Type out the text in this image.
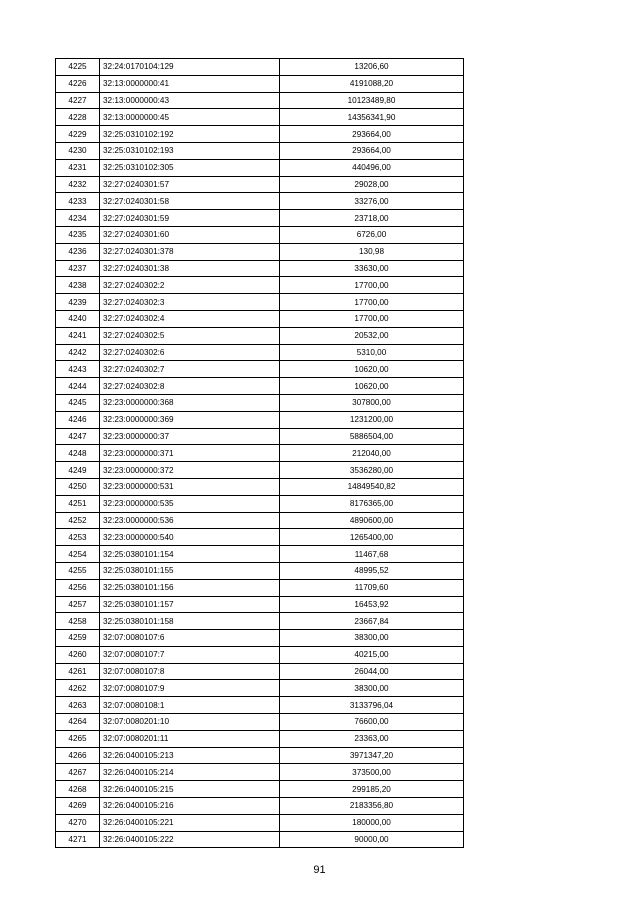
4225	32:24:0170104:129	13206,60
4226	32:13:0000000:41	4191088,20
4227	32:13:0000000:43	10123489,80
4228	32:13:0000000:45	14356341,90
4229	32:25:0310102:192	293664,00
4230	32:25:0310102:193	293664,00
4231	32:25:0310102:305	440496,00
4232	32:27:0240301:57	29028,00
4233	32:27:0240301:58	33276,00
4234	32:27:0240301:59	23718,00
4235	32:27:0240301:60	6726,00
4236	32:27:0240301:378	130,98
4237	32:27:0240301:38	33630,00
4238	32:27:0240302:2	17700,00
4239	32:27:0240302:3	17700,00
4240	32:27:0240302:4	17700,00
4241	32:27:0240302:5	20532,00
4242	32:27:0240302:6	5310,00
4243	32:27:0240302:7	10620,00
4244	32:27:0240302:8	10620,00
4245	32:23:0000000:368	307800,00
4246	32:23:0000000:369	1231200,00
4247	32:23:0000000:37	5886504,00
4248	32:23:0000000:371	212040,00
4249	32:23:0000000:372	3536280,00
4250	32:23:0000000:531	14849540,82
4251	32:23:0000000:535	8176365,00
4252	32:23:0000000:536	4890600,00
4253	32:23:0000000:540	1265400,00
4254	32:25:0380101:154	11467,68
4255	32:25:0380101:155	48995,52
4256	32:25:0380101:156	11709,60
4257	32:25:0380101:157	16453,92
4258	32:25:0380101:158	23667,84
4259	32:07:0080107:6	38300,00
4260	32:07:0080107:7	40215,00
4261	32:07:0080107:8	26044,00
4262	32:07:0080107:9	38300,00
4263	32:07:0080108:1	3133796,04
4264	32:07:0080201:10	76600,00
4265	32:07:0080201:11	23363,00
4266	32:26:0400105:213	3971347,20
4267	32:26:0400105:214	373500,00
4268	32:26:0400105:215	299185,20
4269	32:26:0400105:216	2183356,80
4270	32:26:0400105:221	180000,00
4271	32:26:0400105:222	90000,00
91
